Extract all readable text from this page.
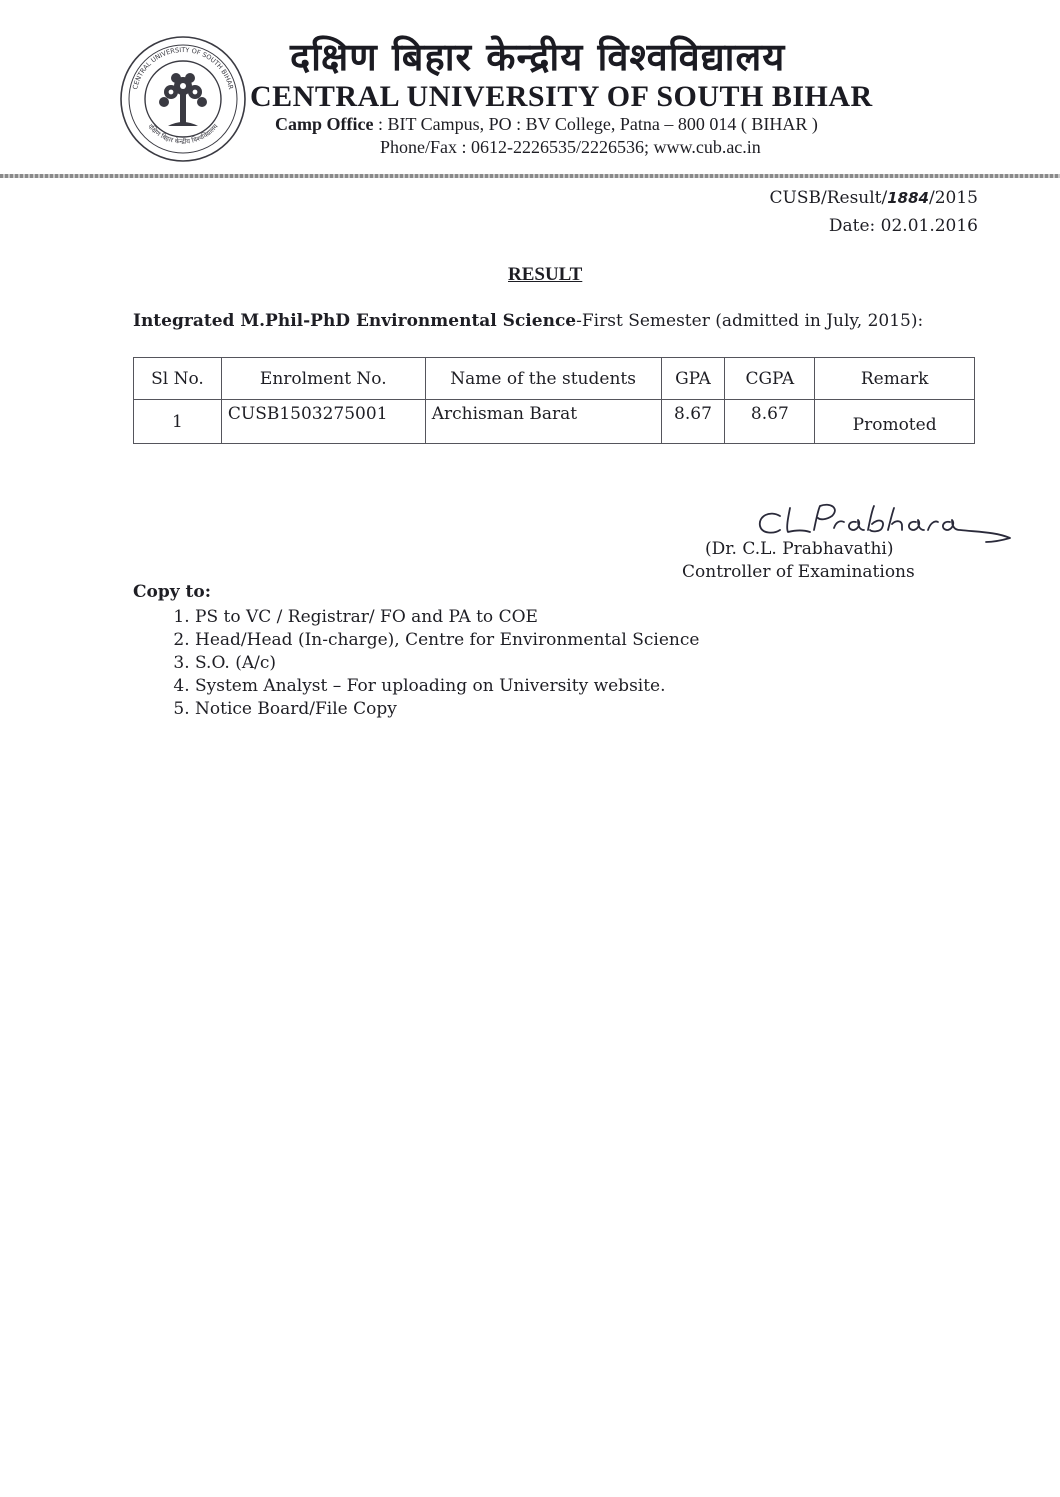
CENTRAL UNIVERSITY OF SOUTH BIHAR
दक्षिण बिहार केन्द्रीय विश्वविद्यालय
दक्षिण बिहार केन्द्रीय विश्वविद्यालय
CENTRAL UNIVERSITY OF SOUTH BIHAR
Camp Office : BIT Campus, PO : BV College, Patna – 800 014 ( BIHAR )
Phone/Fax : 0612-2226535/2226536; www.cub.ac.in
CUSB/Result/1884/2015
Date: 02.01.2016
RESULT
Integrated M.Phil-PhD Environmental Science-First Semester (admitted in July, 2015):
Sl No.	Enrolment No.	Name of the students	GPA	CGPA	Remark
1	CUSB1503275001	Archisman Barat	8.67	8.67	Promoted
(Dr. C.L. Prabhavathi)
Controller of Examinations
Copy to:
1. PS to VC / Registrar/ FO and PA to COE
2. Head/Head (In-charge), Centre for Environmental Science
3. S.O. (A/c)
4. System Analyst – For uploading on University website.
5. Notice Board/File Copy
